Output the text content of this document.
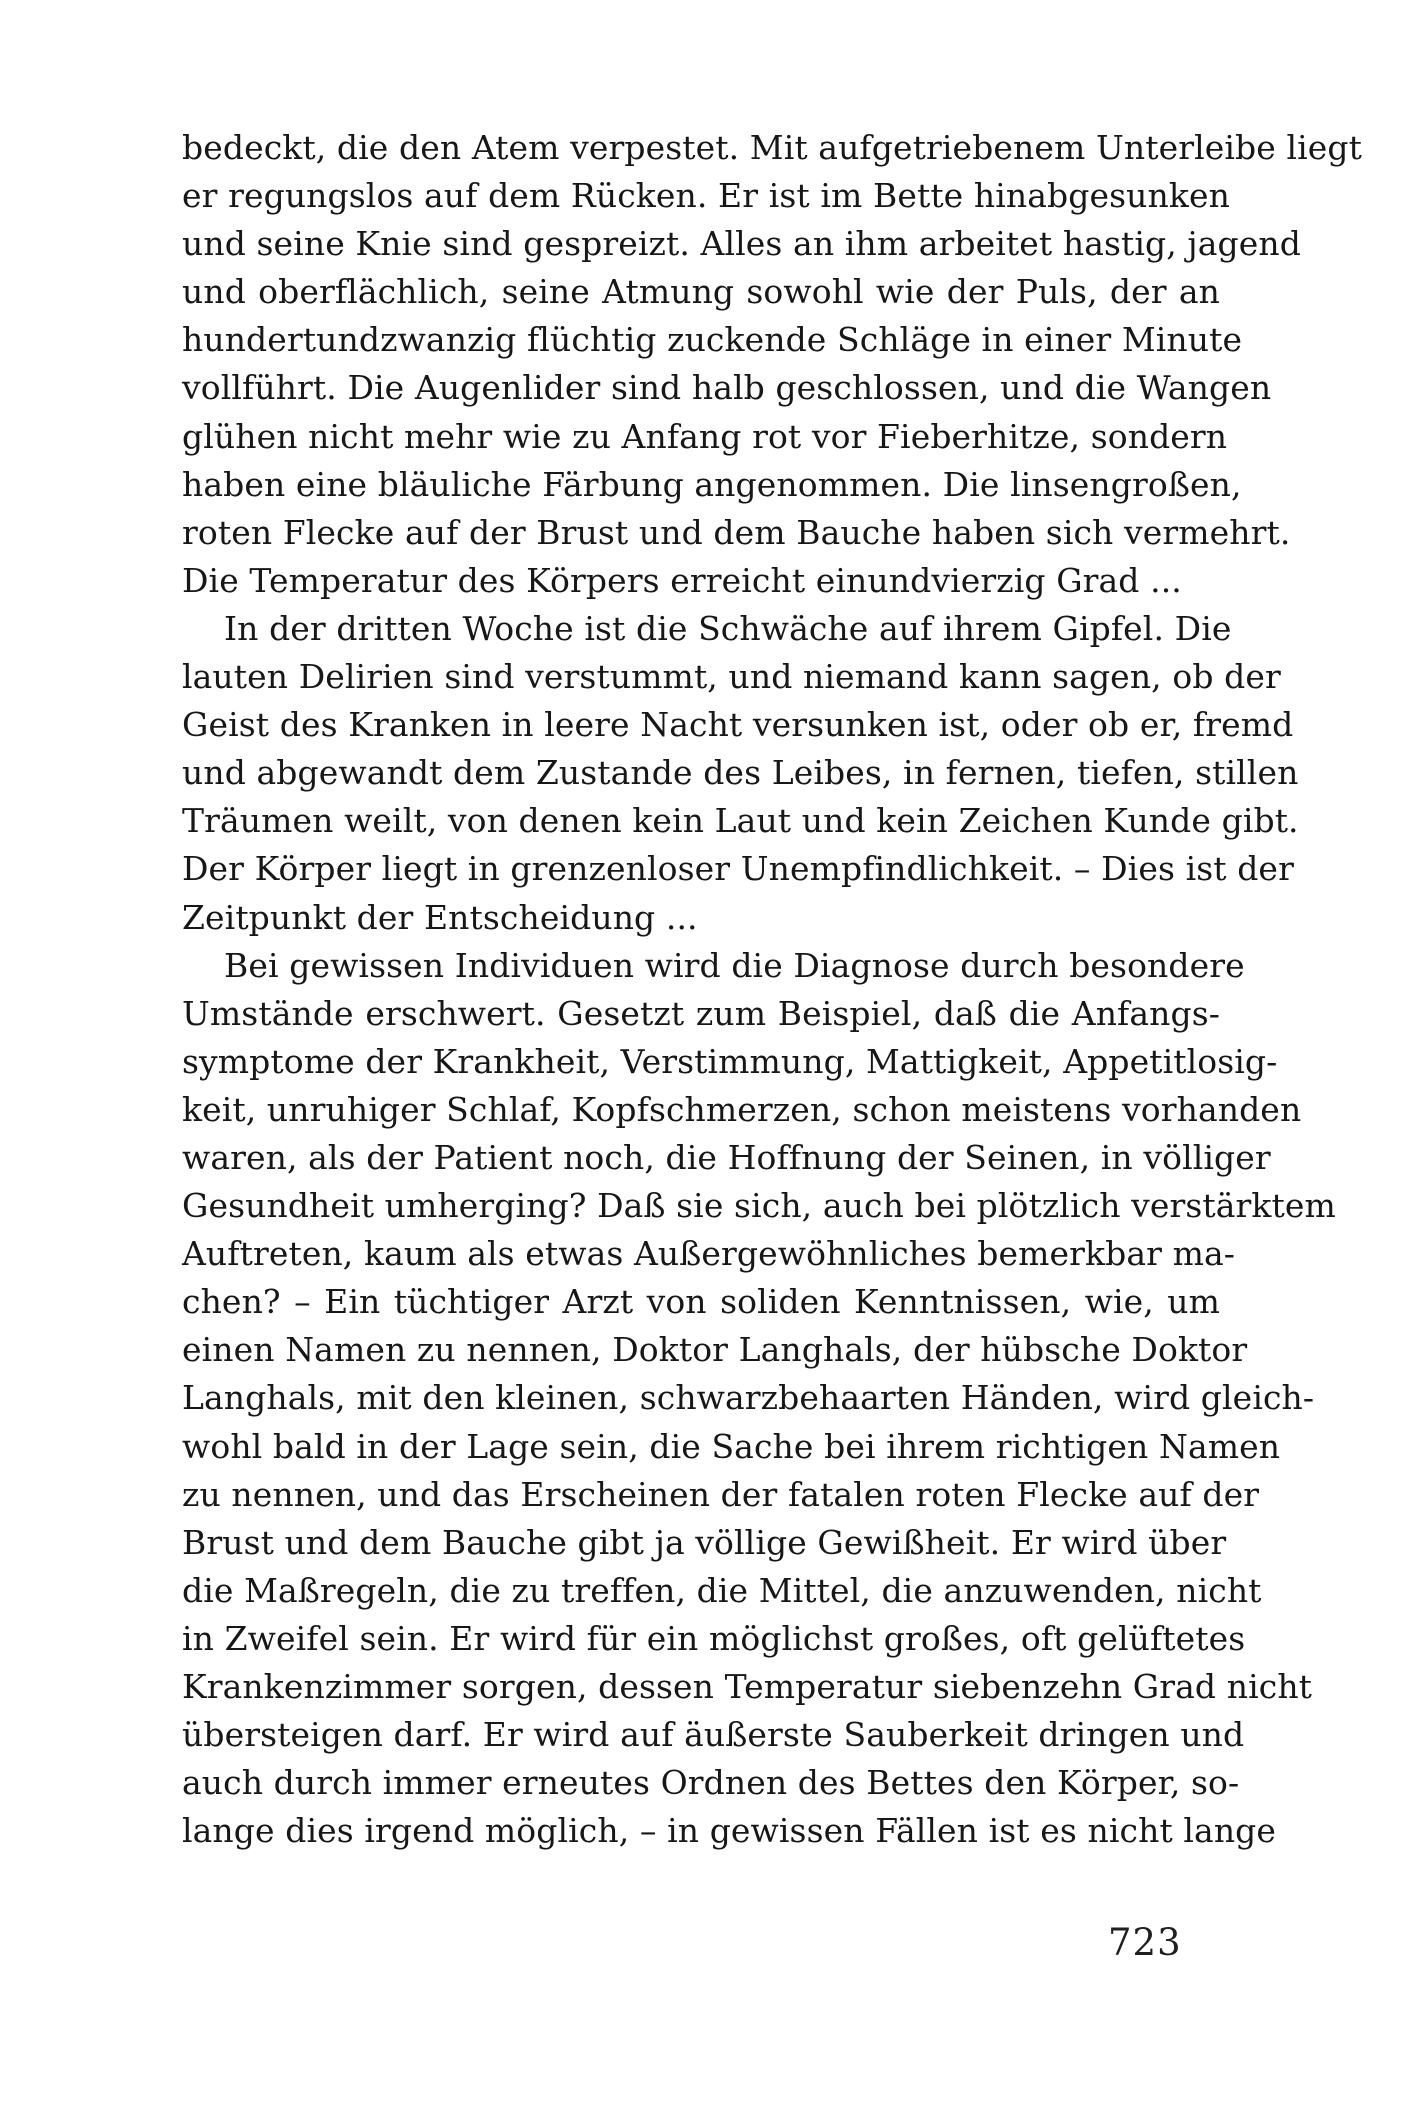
bedeckt, die den Atem verpestet. Mit aufgetriebenem Unterleibe liegt
er regungslos auf dem Rücken. Er ist im Bette hinabgesunken
und seine Knie sind gespreizt. Alles an ihm arbeitet hastig, jagend
und oberflächlich, seine Atmung sowohl wie der Puls, der an
hundertundzwanzig flüchtig zuckende Schläge in einer Minute
vollführt. Die Augenlider sind halb geschlossen, und die Wangen
glühen nicht mehr wie zu Anfang rot vor Fieberhitze, sondern
haben eine bläuliche Färbung angenommen. Die linsengroßen,
roten Flecke auf der Brust und dem Bauche haben sich vermehrt.
Die Temperatur des Körpers erreicht einundvierzig Grad ...
In der dritten Woche ist die Schwäche auf ihrem Gipfel. Die
lauten Delirien sind verstummt, und niemand kann sagen, ob der
Geist des Kranken in leere Nacht versunken ist, oder ob er, fremd
und abgewandt dem Zustande des Leibes, in fernen, tiefen, stillen
Träumen weilt, von denen kein Laut und kein Zeichen Kunde gibt.
Der Körper liegt in grenzenloser Unempfindlichkeit. – Dies ist der
Zeitpunkt der Entscheidung ...
Bei gewissen Individuen wird die Diagnose durch besondere
Umstände erschwert. Gesetzt zum Beispiel, daß die Anfangs-
symptome der Krankheit, Verstimmung, Mattigkeit, Appetitlosig-
keit, unruhiger Schlaf, Kopfschmerzen, schon meistens vorhanden
waren, als der Patient noch, die Hoffnung der Seinen, in völliger
Gesundheit umherging? Daß sie sich, auch bei plötzlich verstärktem
Auftreten, kaum als etwas Außergewöhnliches bemerkbar ma-
chen? – Ein tüchtiger Arzt von soliden Kenntnissen, wie, um
einen Namen zu nennen, Doktor Langhals, der hübsche Doktor
Langhals, mit den kleinen, schwarzbehaarten Händen, wird gleich-
wohl bald in der Lage sein, die Sache bei ihrem richtigen Namen
zu nennen, und das Erscheinen der fatalen roten Flecke auf der
Brust und dem Bauche gibt ja völlige Gewißheit. Er wird über
die Maßregeln, die zu treffen, die Mittel, die anzuwenden, nicht
in Zweifel sein. Er wird für ein möglichst großes, oft gelüftetes
Krankenzimmer sorgen, dessen Temperatur siebenzehn Grad nicht
übersteigen darf. Er wird auf äußerste Sauberkeit dringen und
auch durch immer erneutes Ordnen des Bettes den Körper, so-
lange dies irgend möglich, – in gewissen Fällen ist es nicht lange
723
